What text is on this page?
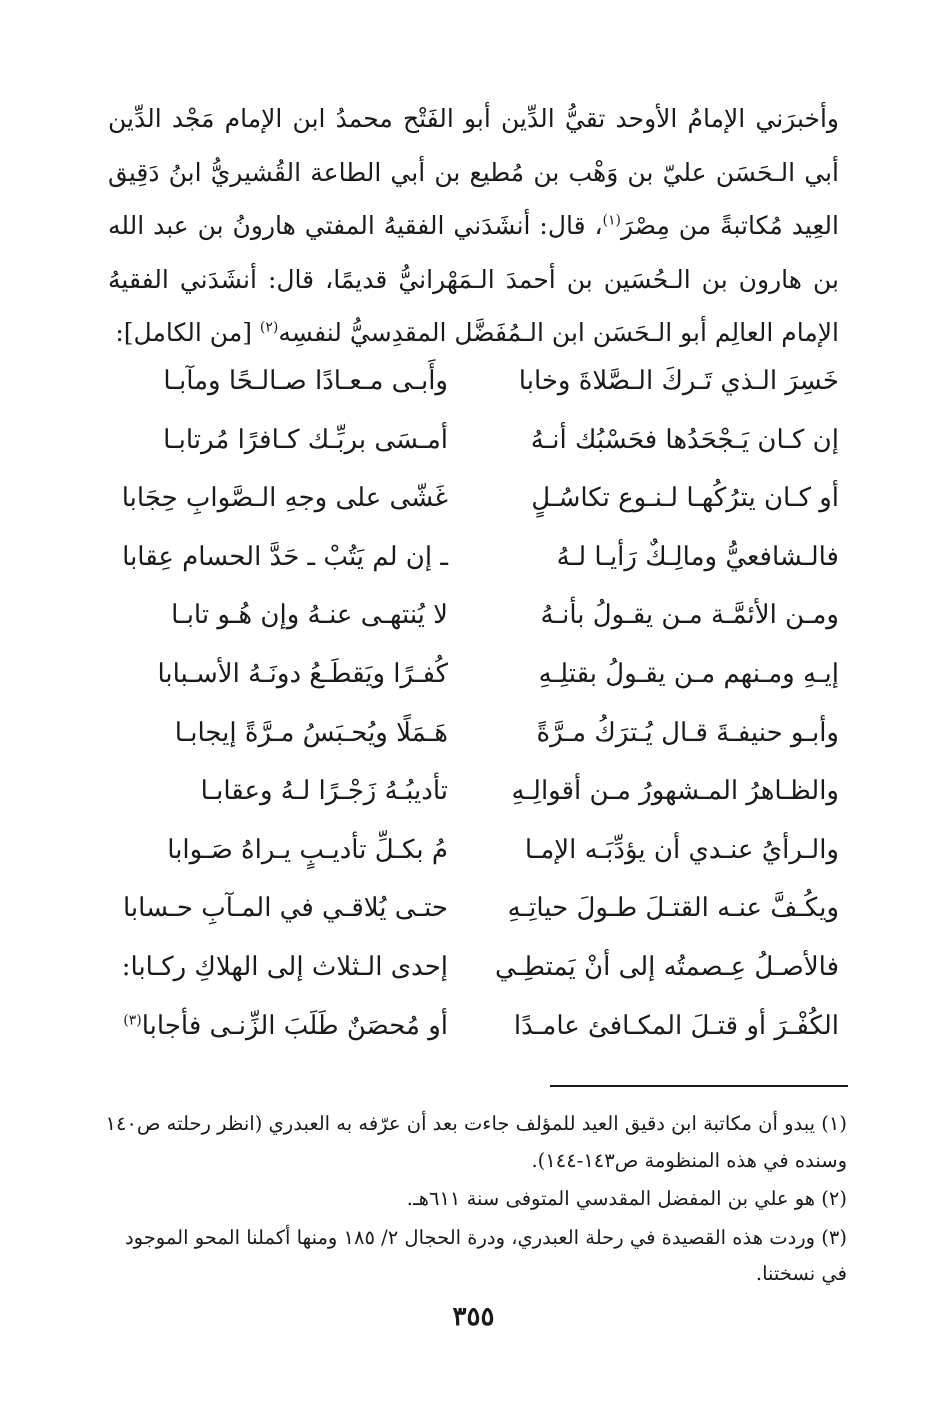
وأخبرَني الإمامُ الأوحد تقيُّ الدِّين أبو الفَتْح محمدُ ابن الإمام مَجْد الدِّين أبي الـحَسَن عليّ بن وَهْب بن مُطيع بن أبي الطاعة القُشيريُّ ابنُ دَقِيق العِيد مُكاتبةً من مِصْرَ$^{(١)}$، قال: أنشَدَني الفقيهُ المفتي هارونُ بن عبد الله بن هارون بن الـحُسَين بن أحمدَ الـمَهْرانيُّ قديمًا، قال: أنشَدَني الفقيهُ الإمام العالِم أبو الـحَسَن ابن الـمُفَضَّل المقدِسيُّ لنفسِه$^{(٢)}$ [من الكامل]:

خَسِرَ الـذي تَـركَ الـصَّلاةَ وخابا
وأَبـى مـعـادًا صـالـحًا ومآبـا
إن كـان يَـجْحَدُها فحَسْبُك أنـهُ
أمـسَى بربِّـك كـافرًا مُرتابـا
أو كـان يترُكُهـا لـنـوع تكاسُـلٍ
غَشّى على وجهِ الـصَّوابِ حِجَابا
فالـشافعيُّ ومالِـكٌ رَأيـا لـهُ
ـ إن لم يَتُبْ ـ حَدَّ الحسام عِقابا
ومـن الأئمَّـة مـن يقـولُ بأنـهُ
لا يُنتهـى عنـهُ وإن هُـو تابـا
إيـهِ ومـنهم مـن يقـولُ بقتلِـهِ
كُفـرًا ويَقطَـعُ دونَـهُ الأسـبابا
وأبـو حنيفـةَ قـال يُـترَكُ مـرَّةً
هَـمَلًا ويُحـبَسُ مـرَّةً إيجابـا
والظـاهرُ المـشهورُ مـن أقوالِـهِ
تأديبُـهُ زَجْـرًا لـهُ وعقابـا
والـرأيُ عنـدي أن يؤدِّبَـه الإمـا
مُ بكـلِّ تأديـبٍ يـراهُ صَـوابا
ويكُـفَّ عنـه القتـلَ طـولَ حياتِـهِ
حتـى يُلاقـي في المـآبِ حـسابا
فالأصـلُ عِـصمتُه إلى أنْ يَمتطِـي
إحدى الـثلاث إلى الهلاكِ ركـابا:
الكُفْـرَ أو قتـلَ المكـافئ عامـدًا
أو مُحصَنٌ طَلَبَ الزِّنـى فأجابا$^{(٣)}$

(١) يبدو أن مكاتبة ابن دقيق العيد للمؤلف جاءت بعد أن عرّفه به العبدري (انظر رحلته ص١٤٠ وسنده في هذه المنظومة ص١٤٣-١٤٤).

(٢) هو علي بن المفضل المقدسي المتوفى سنة ٦١١هـ.

(٣) وردت هذه القصيدة في رحلة العبدري، ودرة الحجال ٢/ ١٨٥ ومنها أكملنا المحو الموجود في نسختنا.

٣٥٥
